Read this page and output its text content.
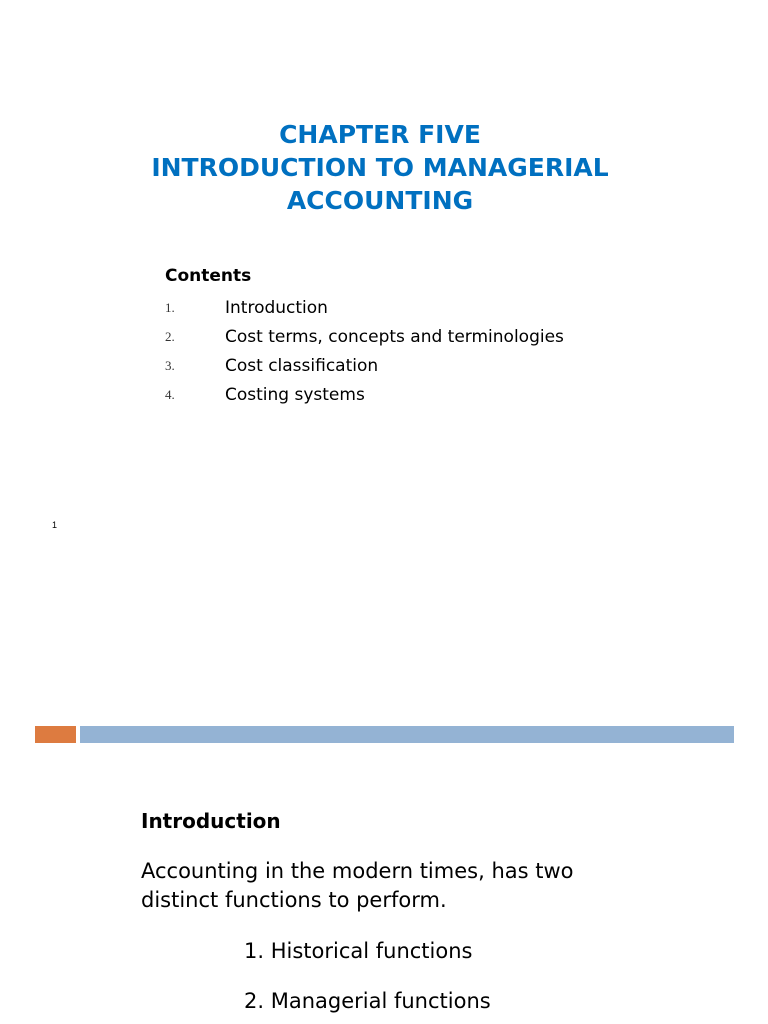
CHAPTER FIVE
INTRODUCTION TO MANAGERIAL
ACCOUNTING
Contents
1.	Introduction
2.	Cost terms, concepts and terminologies
3.	Cost classification
4.	Costing systems
1
Introduction
Accounting in the modern times, has two
distinct functions to perform.
1. Historical functions
2. Managerial functions
